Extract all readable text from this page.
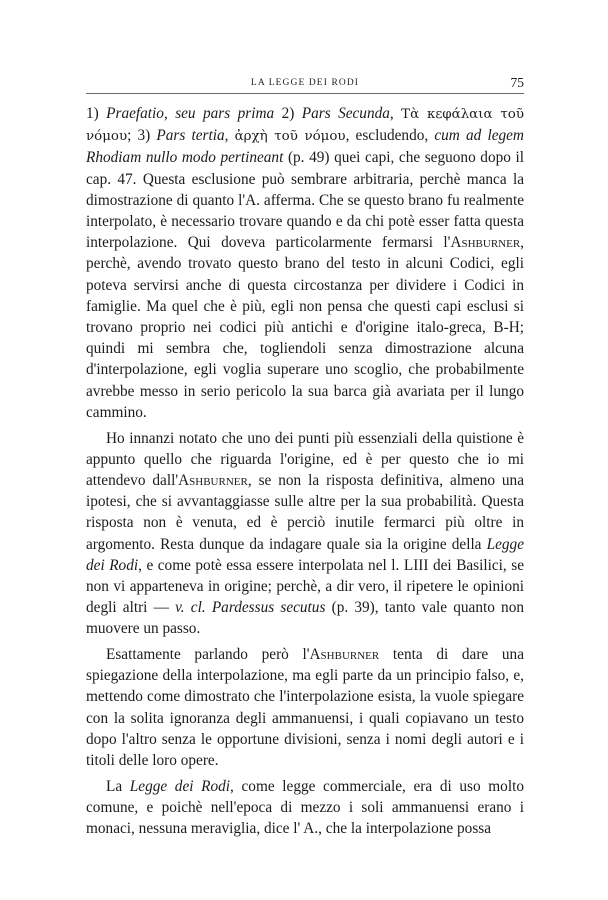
LA LEGGE DEI RODI	75

1) Praefatio, seu pars prima 2) Pars Secunda, Τὰ κεφάλαια τοῦ νόμου; 3) Pars tertia, ἀρχὴ τοῦ νόμου, escludendo, cum ad legem Rhodiam nullo modo pertineant (p. 49) quei capi, che seguono dopo il cap. 47. Questa esclusione può sembrare arbitraria, perchè manca la dimostrazione di quanto l'A. afferma. Che se questo brano fu realmente interpolato, è necessario trovare quando e da chi potè esser fatta questa interpolazione. Qui doveva particolarmente fermarsi l'Ashburner, perchè, avendo trovato questo brano del testo in alcuni Codici, egli poteva servirsi anche di questa circostanza per dividere i Codici in famiglie. Ma quel che è più, egli non pensa che questi capi esclusi si trovano proprio nei codici più antichi e d'origine italo-greca, B-H; quindi mi sembra che, togliendoli senza dimostrazione alcuna d'interpolazione, egli voglia superare uno scoglio, che probabilmente avrebbe messo in serio pericolo la sua barca già avariata per il lungo cammino.

Ho innanzi notato che uno dei punti più essenziali della quistione è appunto quello che riguarda l'origine, ed è per questo che io mi attendevo dall'Ashburner, se non la risposta definitiva, almeno una ipotesi, che si avvantaggiasse sulle altre per la sua probabilità. Questa risposta non è venuta, ed è perciò inutile fermarci più oltre in argomento. Resta dunque da indagare quale sia la origine della Legge dei Rodi, e come potè essa essere interpolata nel l. LIII dei Basilici, se non vi apparteneva in origine; perchè, a dir vero, il ripetere le opinioni degli altri — v. cl. Pardessus secutus (p. 39), tanto vale quanto non muovere un passo.

Esattamente parlando però l'Ashburner tenta di dare una spiegazione della interpolazione, ma egli parte da un principio falso, e, mettendo come dimostrato che l'interpolazione esista, la vuole spiegare con la solita ignoranza degli ammanuensi, i quali copiavano un testo dopo l'altro senza le opportune divisioni, senza i nomi degli autori e i titoli delle loro opere.

La Legge dei Rodi, come legge commerciale, era di uso molto comune, e poichè nell'epoca di mezzo i soli ammanuensi erano i monaci, nessuna meraviglia, dice l' A., che la interpolazione possa
